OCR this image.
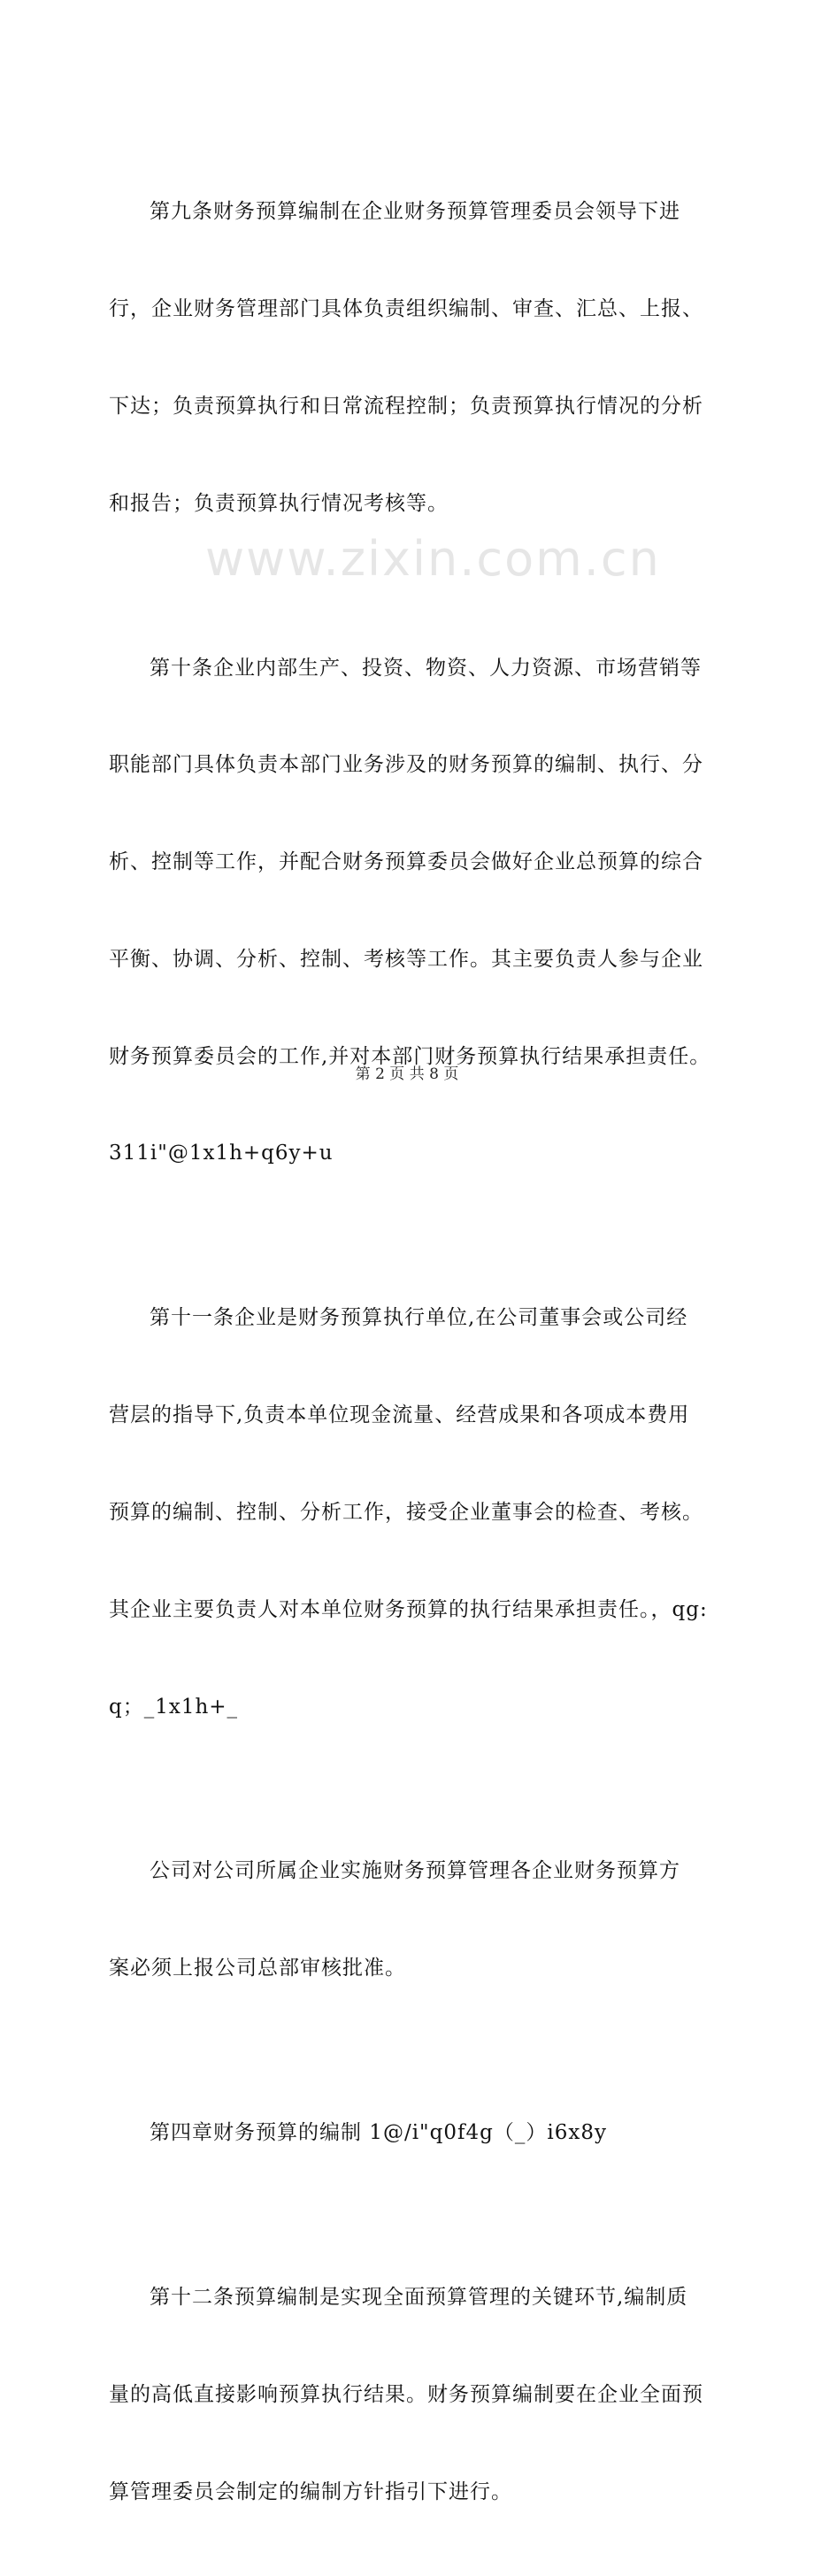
www.zixin.com.cn

第九条财务预算编制在企业财务预算管理委员会领导下进

行，企业财务管理部门具体负责组织编制、审查、汇总、上报、

下达；负责预算执行和日常流程控制；负责预算执行情况的分析

和报告；负责预算执行情况考核等。

第十条企业内部生产、投资、物资、人力资源、市场营销等

职能部门具体负责本部门业务涉及的财务预算的编制、执行、分

析、控制等工作，并配合财务预算委员会做好企业总预算的综合

平衡、协调、分析、控制、考核等工作。其主要负责人参与企业

财务预算委员会的工作,并对本部门财务预算执行结果承担责任。

311i"@1x1h+q6y+u

第十一条企业是财务预算执行单位,在公司董事会或公司经

营层的指导下,负责本单位现金流量、经营成果和各项成本费用

预算的编制、控制、分析工作，接受企业董事会的检查、考核。

其企业主要负责人对本单位财务预算的执行结果承担责任。，qg:

q；_1x1h+_

公司对公司所属企业实施财务预算管理各企业财务预算方

案必须上报公司总部审核批准。

第四章财务预算的编制 1@/i"q0f4g（_）i6x8y

第十二条预算编制是实现全面预算管理的关键环节,编制质

量的高低直接影响预算执行结果。财务预算编制要在企业全面预

算管理委员会制定的编制方针指引下进行。

第 2 页 共 8 页
